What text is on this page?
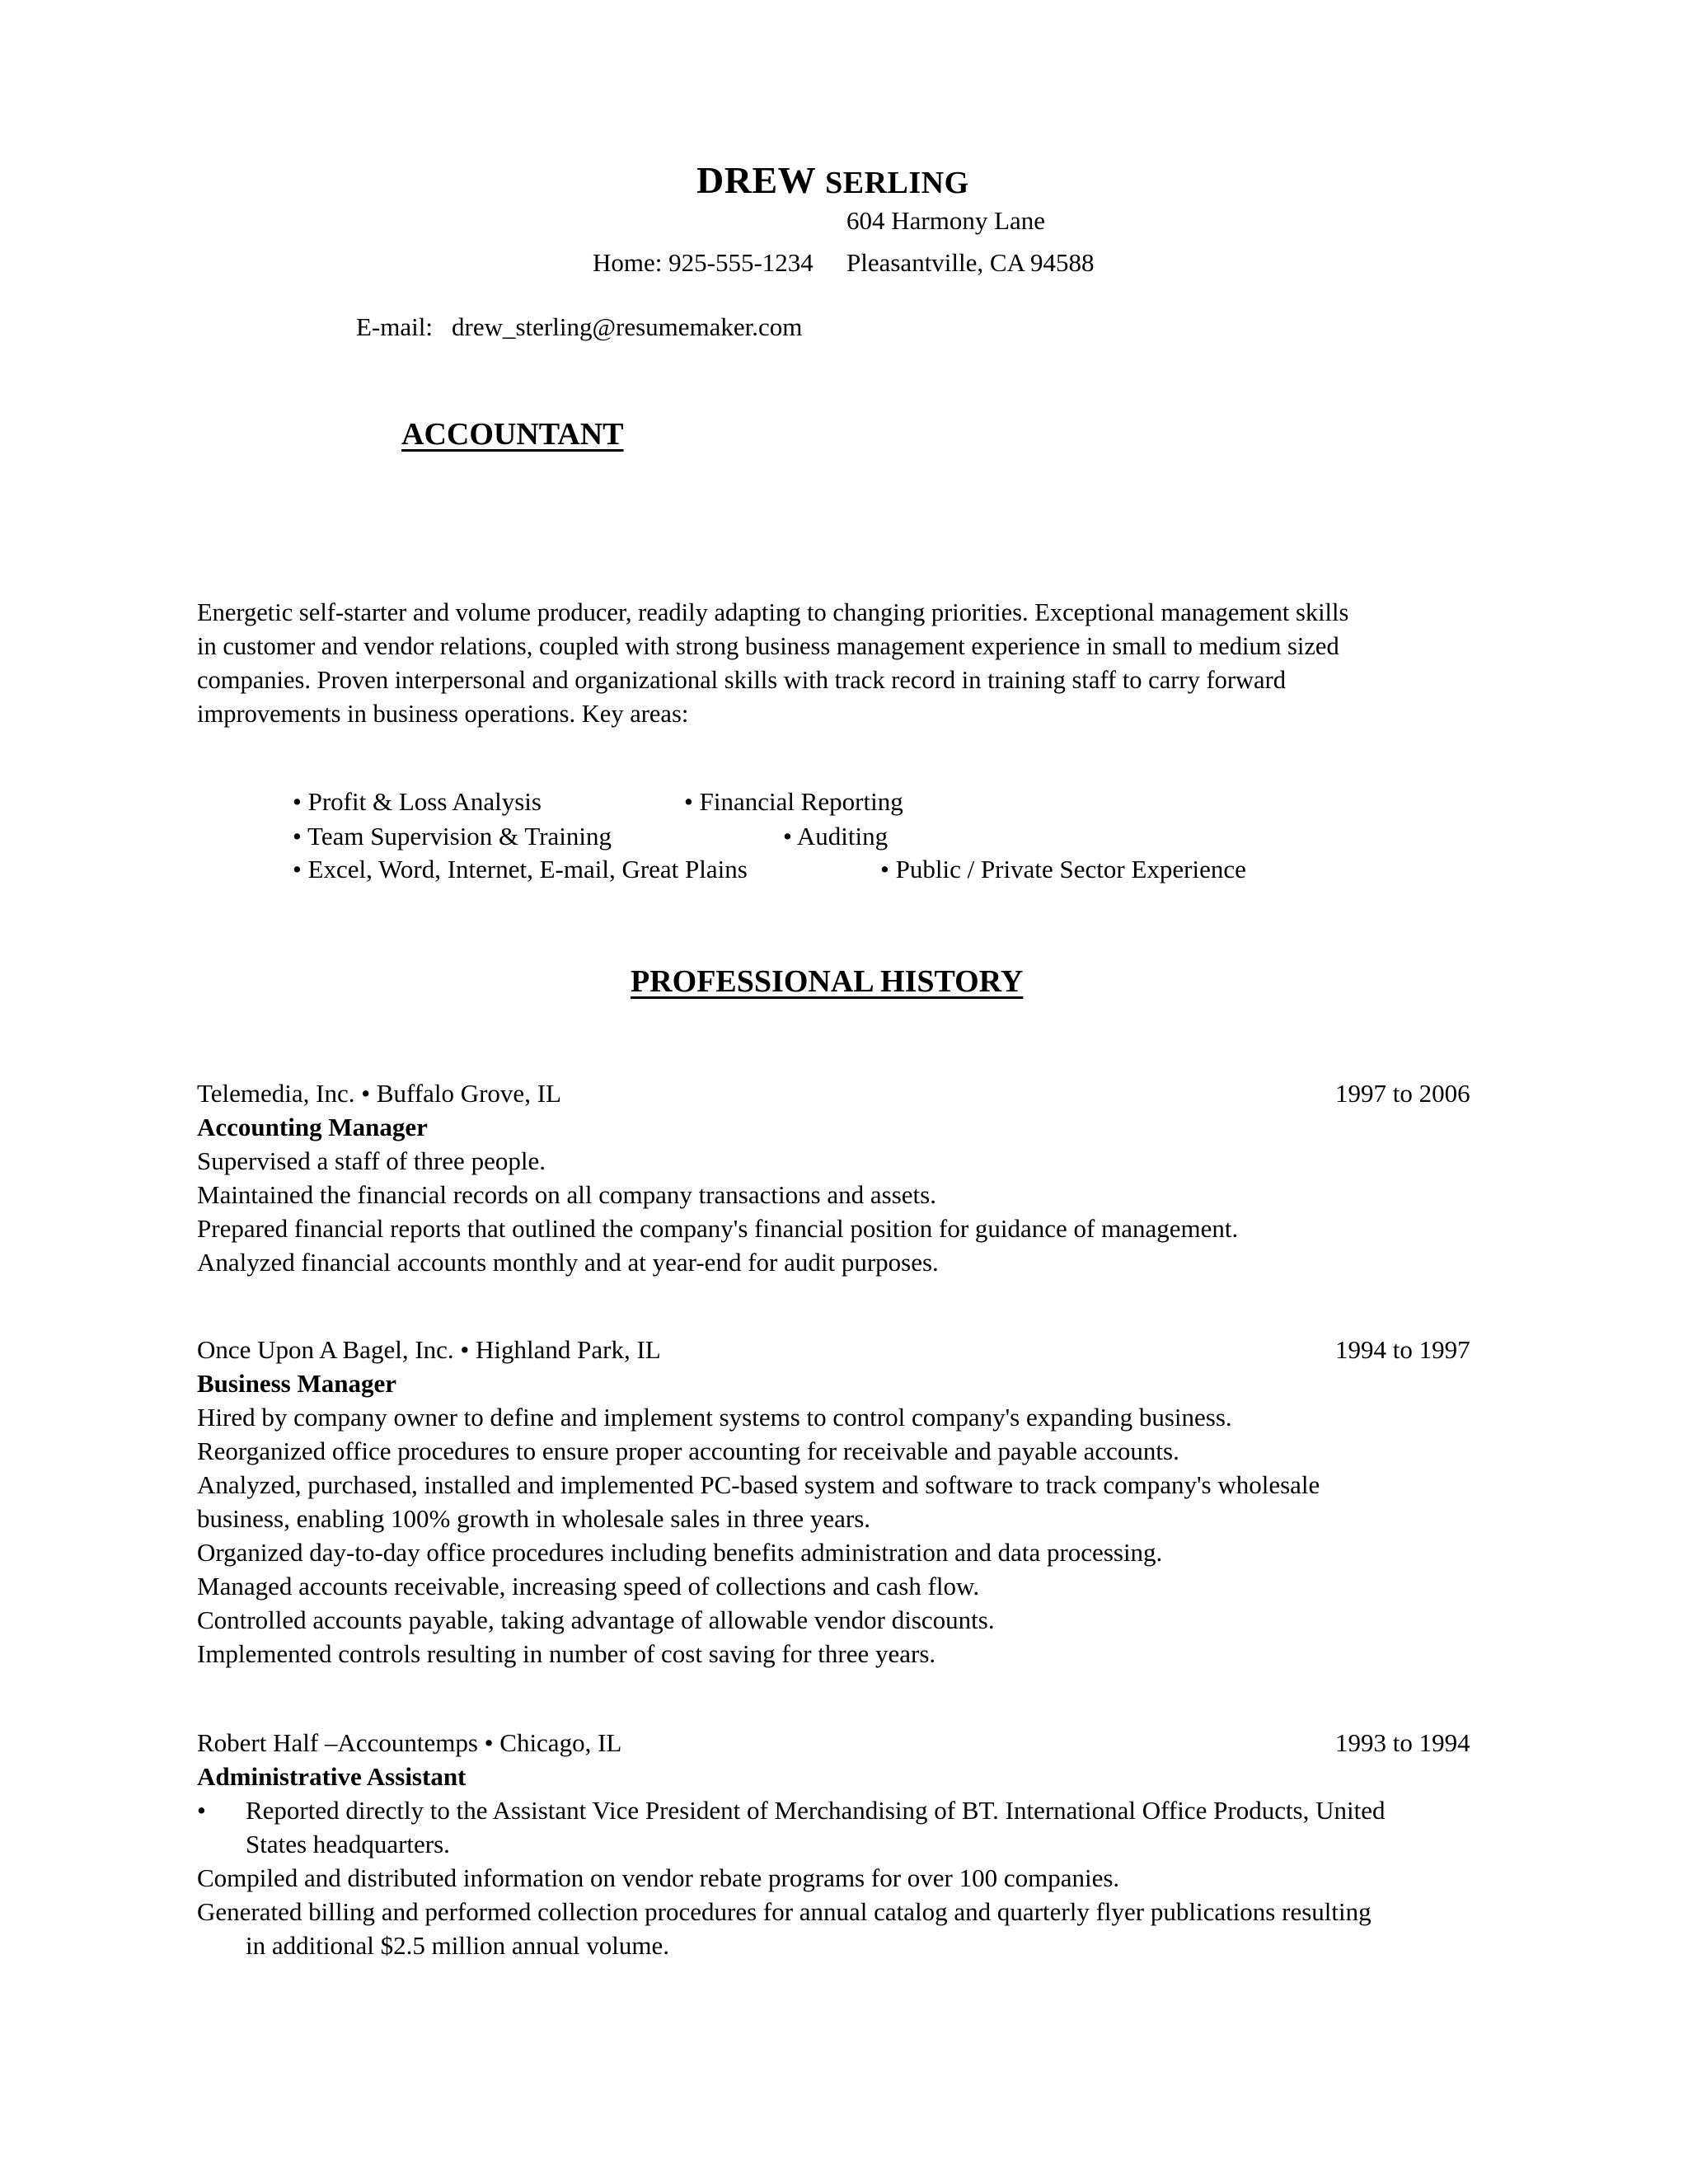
DREW SERLING
604 Harmony Lane
Home: 925-555-1234 Pleasantville, CA 94588
E-mail: drew_sterling@resumemaker.com
ACCOUNTANT
Energetic self-starter and volume producer, readily adapting to changing priorities. Exceptional management skills
in customer and vendor relations, coupled with strong business management experience in small to medium sized
companies. Proven interpersonal and organizational skills with track record in training staff to carry forward
improvements in business operations. Key areas:
• Profit & Loss Analysis	• Financial Reporting
• Team Supervision & Training	• Auditing
• Excel, Word, Internet, E-mail, Great Plains	• Public / Private Sector Experience
PROFESSIONAL HISTORY
Telemedia, Inc. • Buffalo Grove, IL	1997 to 2006
Accounting Manager
Supervised a staff of three people.
Maintained the financial records on all company transactions and assets.
Prepared financial reports that outlined the company's financial position for guidance of management.
Analyzed financial accounts monthly and at year-end for audit purposes.
Once Upon A Bagel, Inc. • Highland Park, IL	1994 to 1997
Business Manager
Hired by company owner to define and implement systems to control company's expanding business.
Reorganized office procedures to ensure proper accounting for receivable and payable accounts.
Analyzed, purchased, installed and implemented PC-based system and software to track company's wholesale
business, enabling 100% growth in wholesale sales in three years.
Organized day-to-day office procedures including benefits administration and data processing.
Managed accounts receivable, increasing speed of collections and cash flow.
Controlled accounts payable, taking advantage of allowable vendor discounts.
Implemented controls resulting in number of cost saving for three years.
Robert Half –Accountemps • Chicago, IL	1993 to 1994
Administrative Assistant
• Reported directly to the Assistant Vice President of Merchandising of BT. International Office Products, United
States headquarters.
Compiled and distributed information on vendor rebate programs for over 100 companies.
Generated billing and performed collection procedures for annual catalog and quarterly flyer publications resulting
in additional $2.5 million annual volume.
